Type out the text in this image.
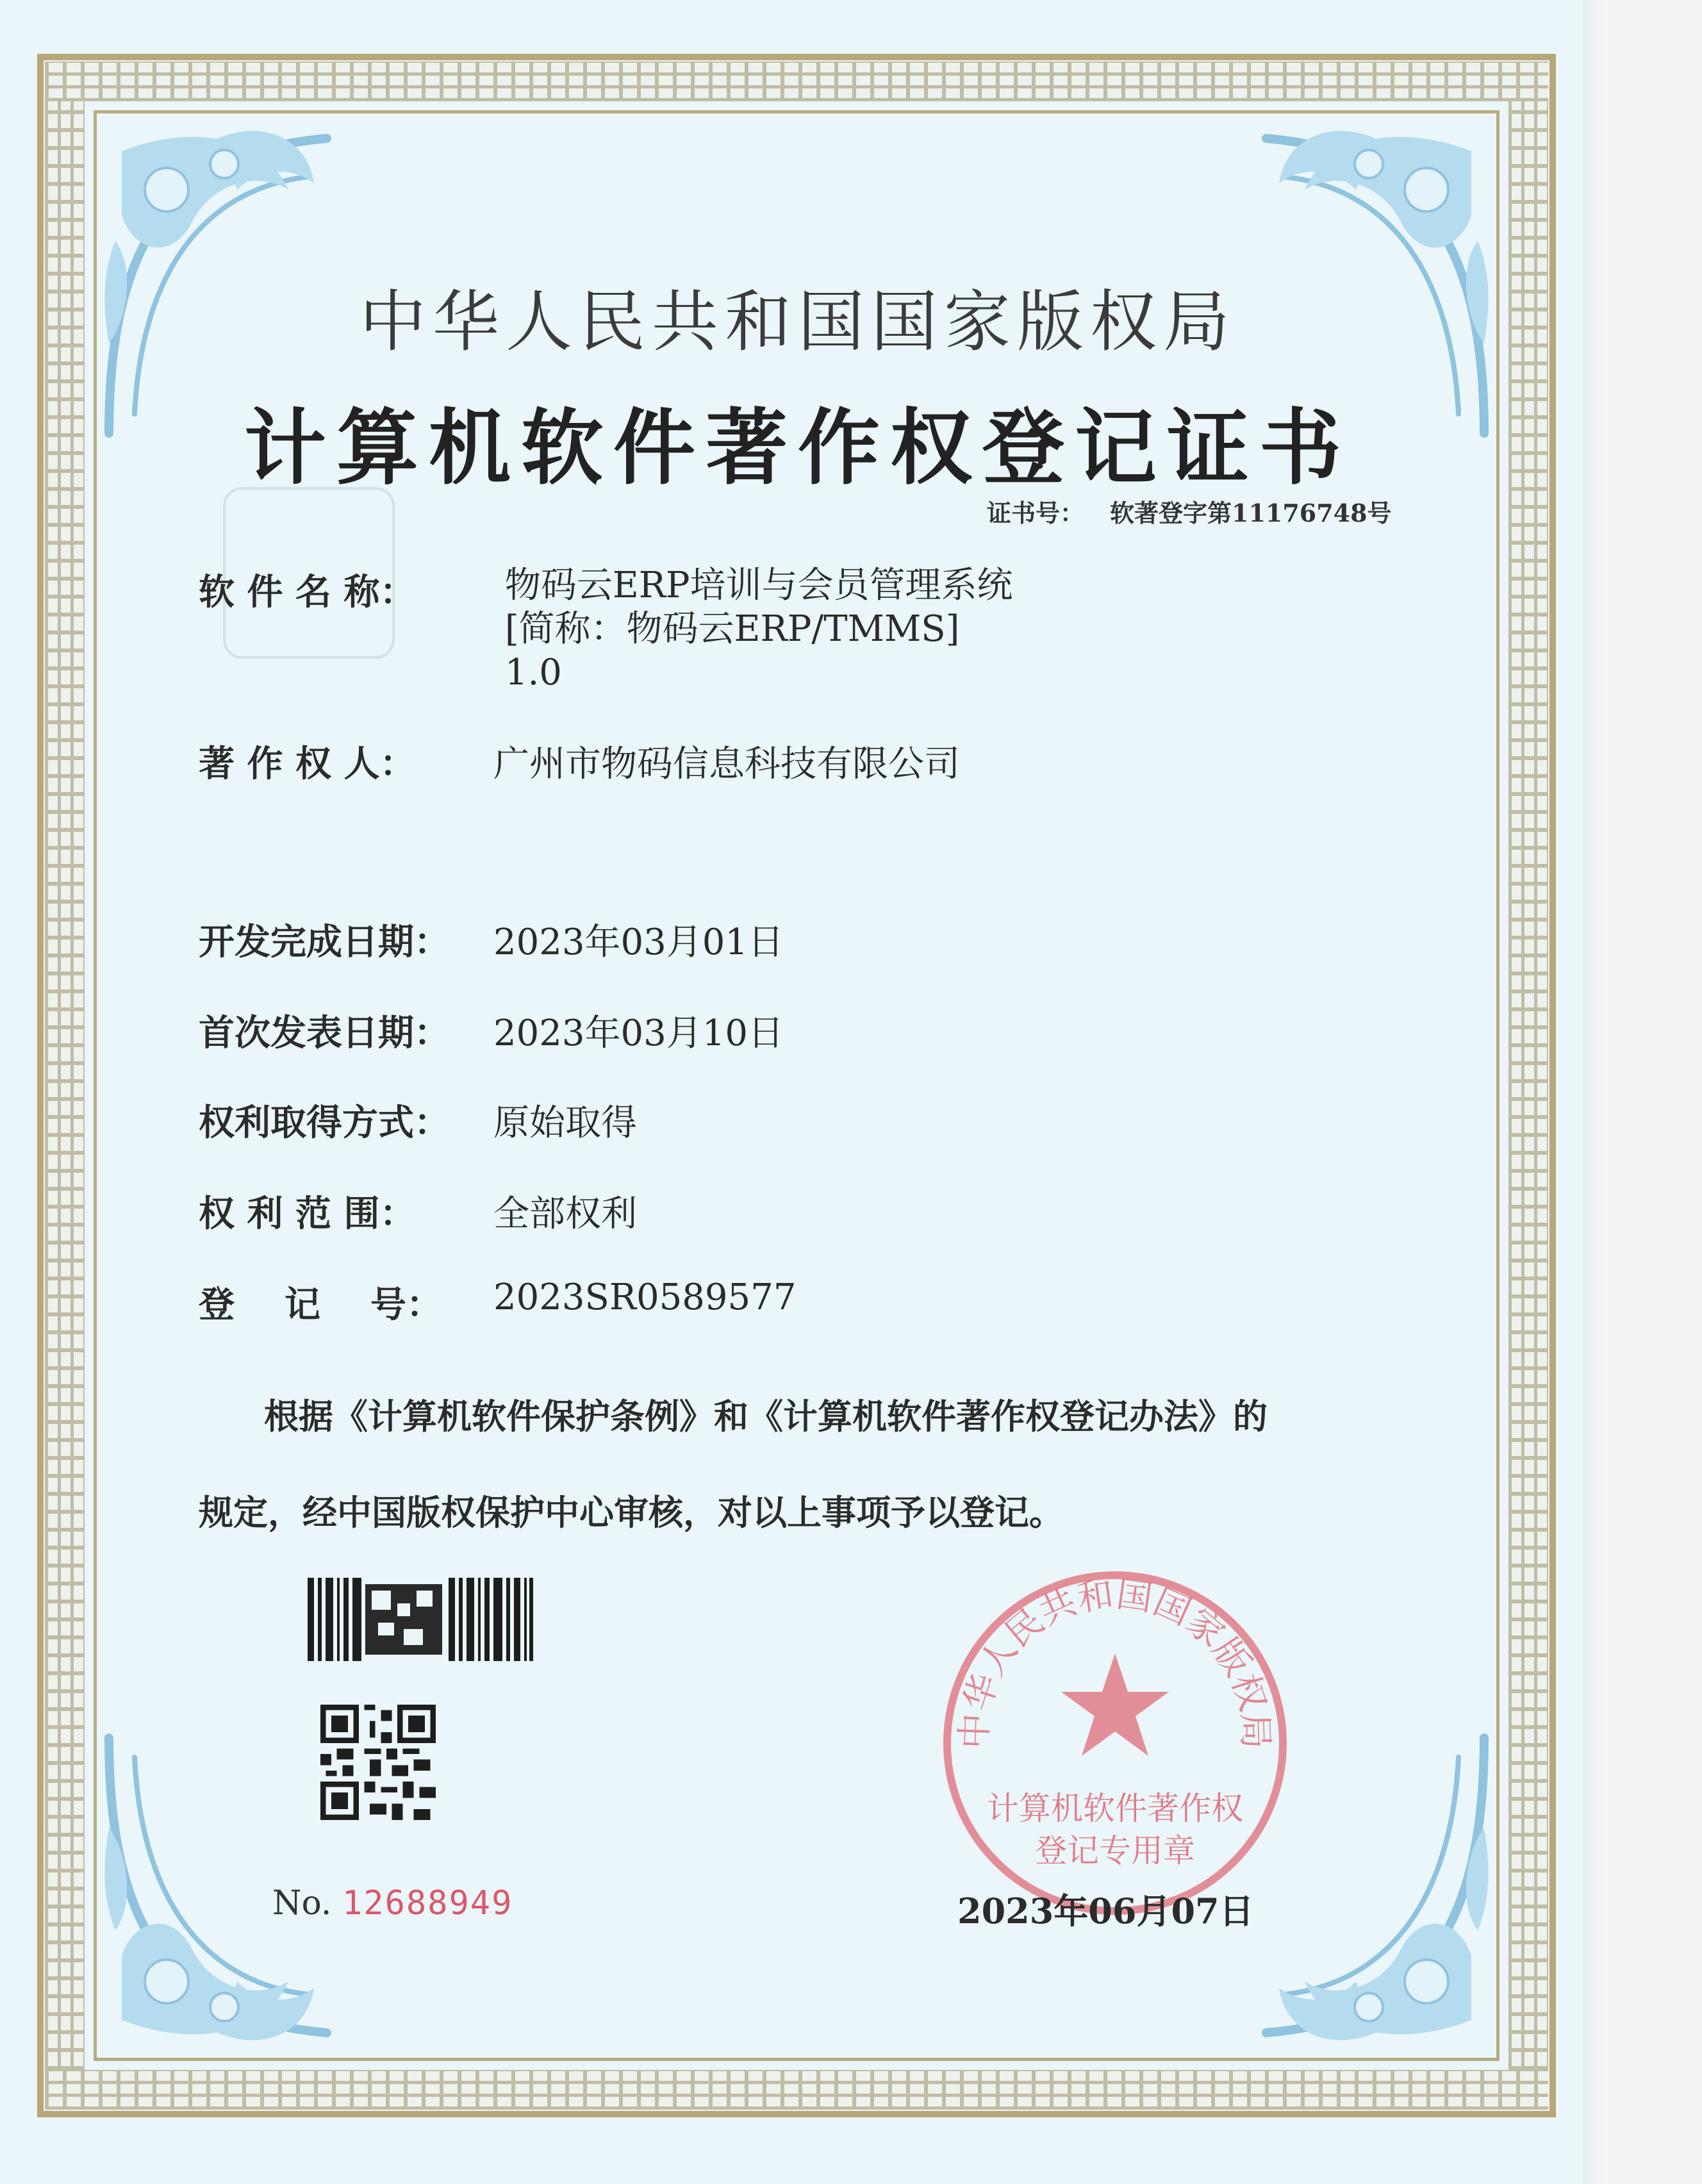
中华人民共和国国家版权局
计算机软件著作权登记证书
证书号： 软著登字第11176748号
软 件 名 称： 物码云ERP培训与会员管理系统
[简称：物码云ERP/TMMS]
1.0
著 作 权 人： 广州市物码信息科技有限公司
开发完成日期： 2023年03月01日
首次发表日期： 2023年03月10日
权利取得方式： 原始取得
权 利 范 围： 全部权利
登    记    号： 2023SR0589577
根据《计算机软件保护条例》和《计算机软件著作权登记办法》的
规定，经中国版权保护中心审核，对以上事项予以登记。
No. 12688949
中华人民共和国国家版权局
计算机软件著作权
登记专用章
2023年06月07日
